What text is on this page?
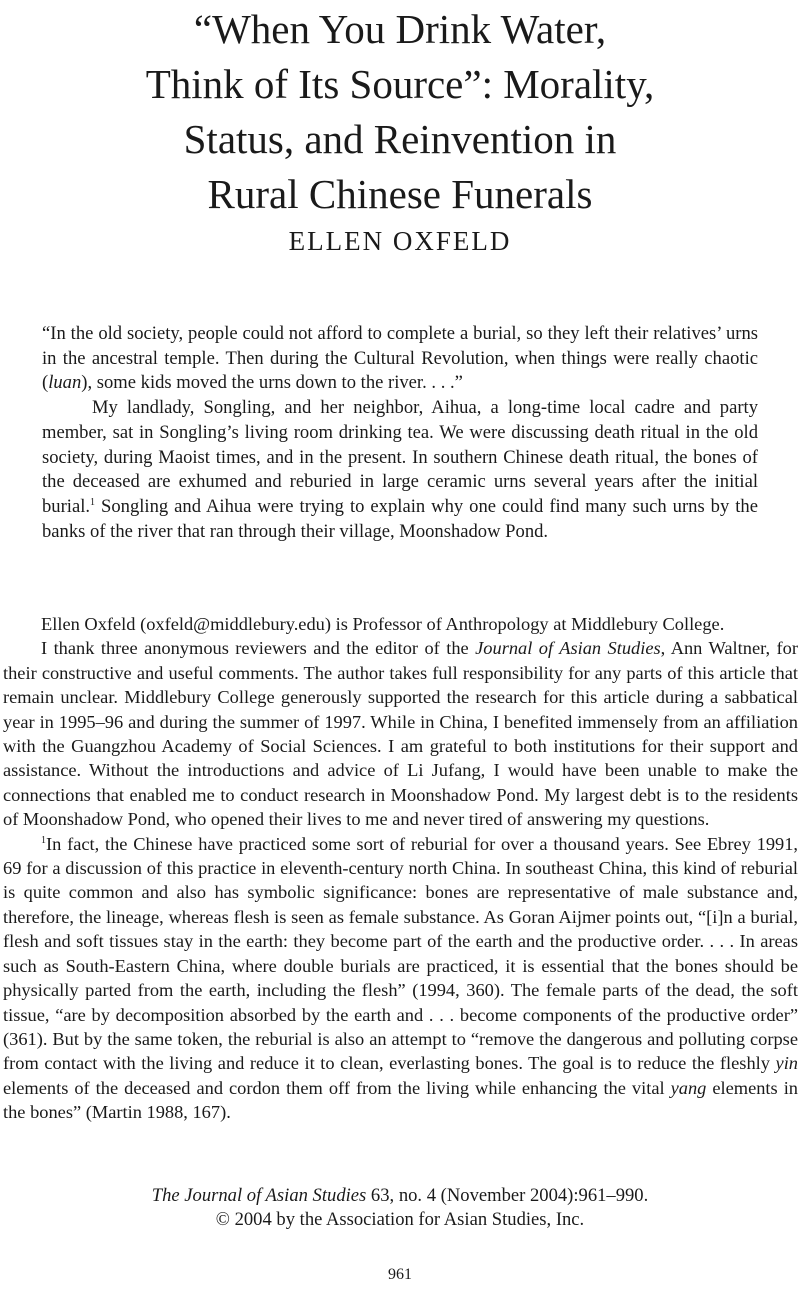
“When You Drink Water,
Think of Its Source”: Morality,
Status, and Reinvention in
Rural Chinese Funerals
ELLEN OXFELD

“In the old society, people could not afford to complete a burial, so they left their relatives’ urns in the ancestral temple. Then during the Cultural Revolution, when things were really chaotic (luan), some kids moved the urns down to the river. . . .”

My landlady, Songling, and her neighbor, Aihua, a long-time local cadre and party member, sat in Songling’s living room drinking tea. We were discussing death ritual in the old society, during Maoist times, and in the present. In southern Chinese death ritual, the bones of the deceased are exhumed and reburied in large ceramic urns several years after the initial burial.$^1$ Songling and Aihua were trying to explain why one could find many such urns by the banks of the river that ran through their village, Moonshadow Pond.

Ellen Oxfeld (oxfeld@middlebury.edu) is Professor of Anthropology at Middlebury College.

I thank three anonymous reviewers and the editor of the Journal of Asian Studies, Ann Waltner, for their constructive and useful comments. The author takes full responsibility for any parts of this article that remain unclear. Middlebury College generously supported the research for this article during a sabbatical year in 1995–96 and during the summer of 1997. While in China, I benefited immensely from an affiliation with the Guangzhou Academy of Social Sciences. I am grateful to both institutions for their support and assistance. Without the introductions and advice of Li Jufang, I would have been unable to make the connections that enabled me to conduct research in Moonshadow Pond. My largest debt is to the residents of Moonshadow Pond, who opened their lives to me and never tired of answering my questions.

$^1$In fact, the Chinese have practiced some sort of reburial for over a thousand years. See Ebrey 1991, 69 for a discussion of this practice in eleventh-century north China. In southeast China, this kind of reburial is quite common and also has symbolic significance: bones are representative of male substance and, therefore, the lineage, whereas flesh is seen as female substance. As Goran Aijmer points out, “[i]n a burial, flesh and soft tissues stay in the earth: they become part of the earth and the productive order. . . . In areas such as South-Eastern China, where double burials are practiced, it is essential that the bones should be physically parted from the earth, including the flesh” (1994, 360). The female parts of the dead, the soft tissue, “are by decomposition absorbed by the earth and . . . become components of the productive order” (361). But by the same token, the reburial is also an attempt to “remove the dangerous and polluting corpse from contact with the living and reduce it to clean, everlasting bones. The goal is to reduce the fleshly yin elements of the deceased and cordon them off from the living while enhancing the vital yang elements in the bones” (Martin 1988, 167).

The Journal of Asian Studies 63, no. 4 (November 2004):961–990.
© 2004 by the Association for Asian Studies, Inc.
961
